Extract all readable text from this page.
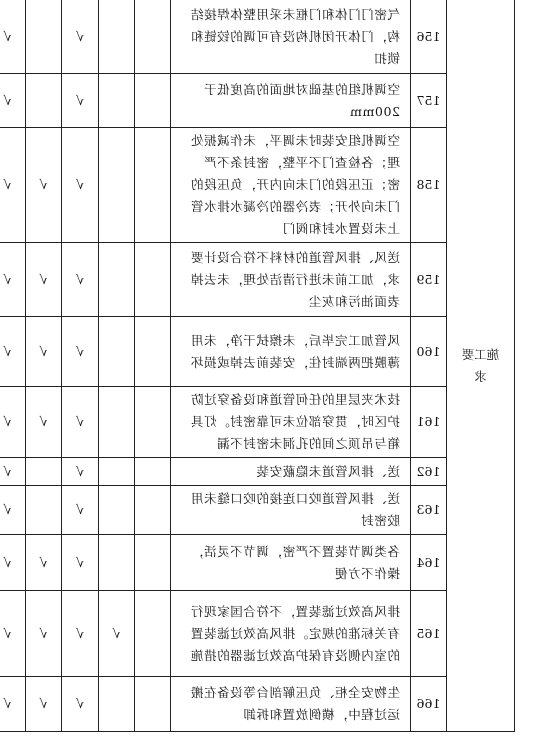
施工要求	156	气密门门体和门框未采用整体焊接结构，门体开闭机构没有可调的铰链和锁扣			√		√	
	157	空调机组的基础对地面的高度低于200mm			√		√	
	158	空调机组安装时未调平，未作减振处理；各检查门不平整，密封条不严密；正压段的门未向内开，负压段的门未向外开；表冷器的冷凝水排水管上未设置水封和阀门			√	√	√	
	159	送风、排风管道的材料不符合设计要求，加工前未进行清洁处理，未去掉表面油污和灰尘			√	√	√	
	160	风管加工完毕后，未擦拭干净，未用薄膜把两端封住，安装前去掉或损坏			√	√	√	
	161	技术夹层里的任何管道和设备穿过防护区时，贯穿部位未可靠密封。灯具箱与吊顶之间的孔洞未密封不漏			√	√	√	
	162	送、排风管道未隐蔽安装			√		√	
	163	送、排风管道咬口连接的咬口缝未用胶密封			√		√	
	164	各类调节装置不严密，调节不灵活，操作不方便			√	√	√	
	165	排风高效过滤装置，不符合国家现行有关标准的规定。排风高效过滤装置的室内侧没有保护高效过滤器的措施		√	√	√	√	
	166	生物安全柜、负压解剖台等设备在搬运过程中，横倒放置和拆卸			√	√	√	
